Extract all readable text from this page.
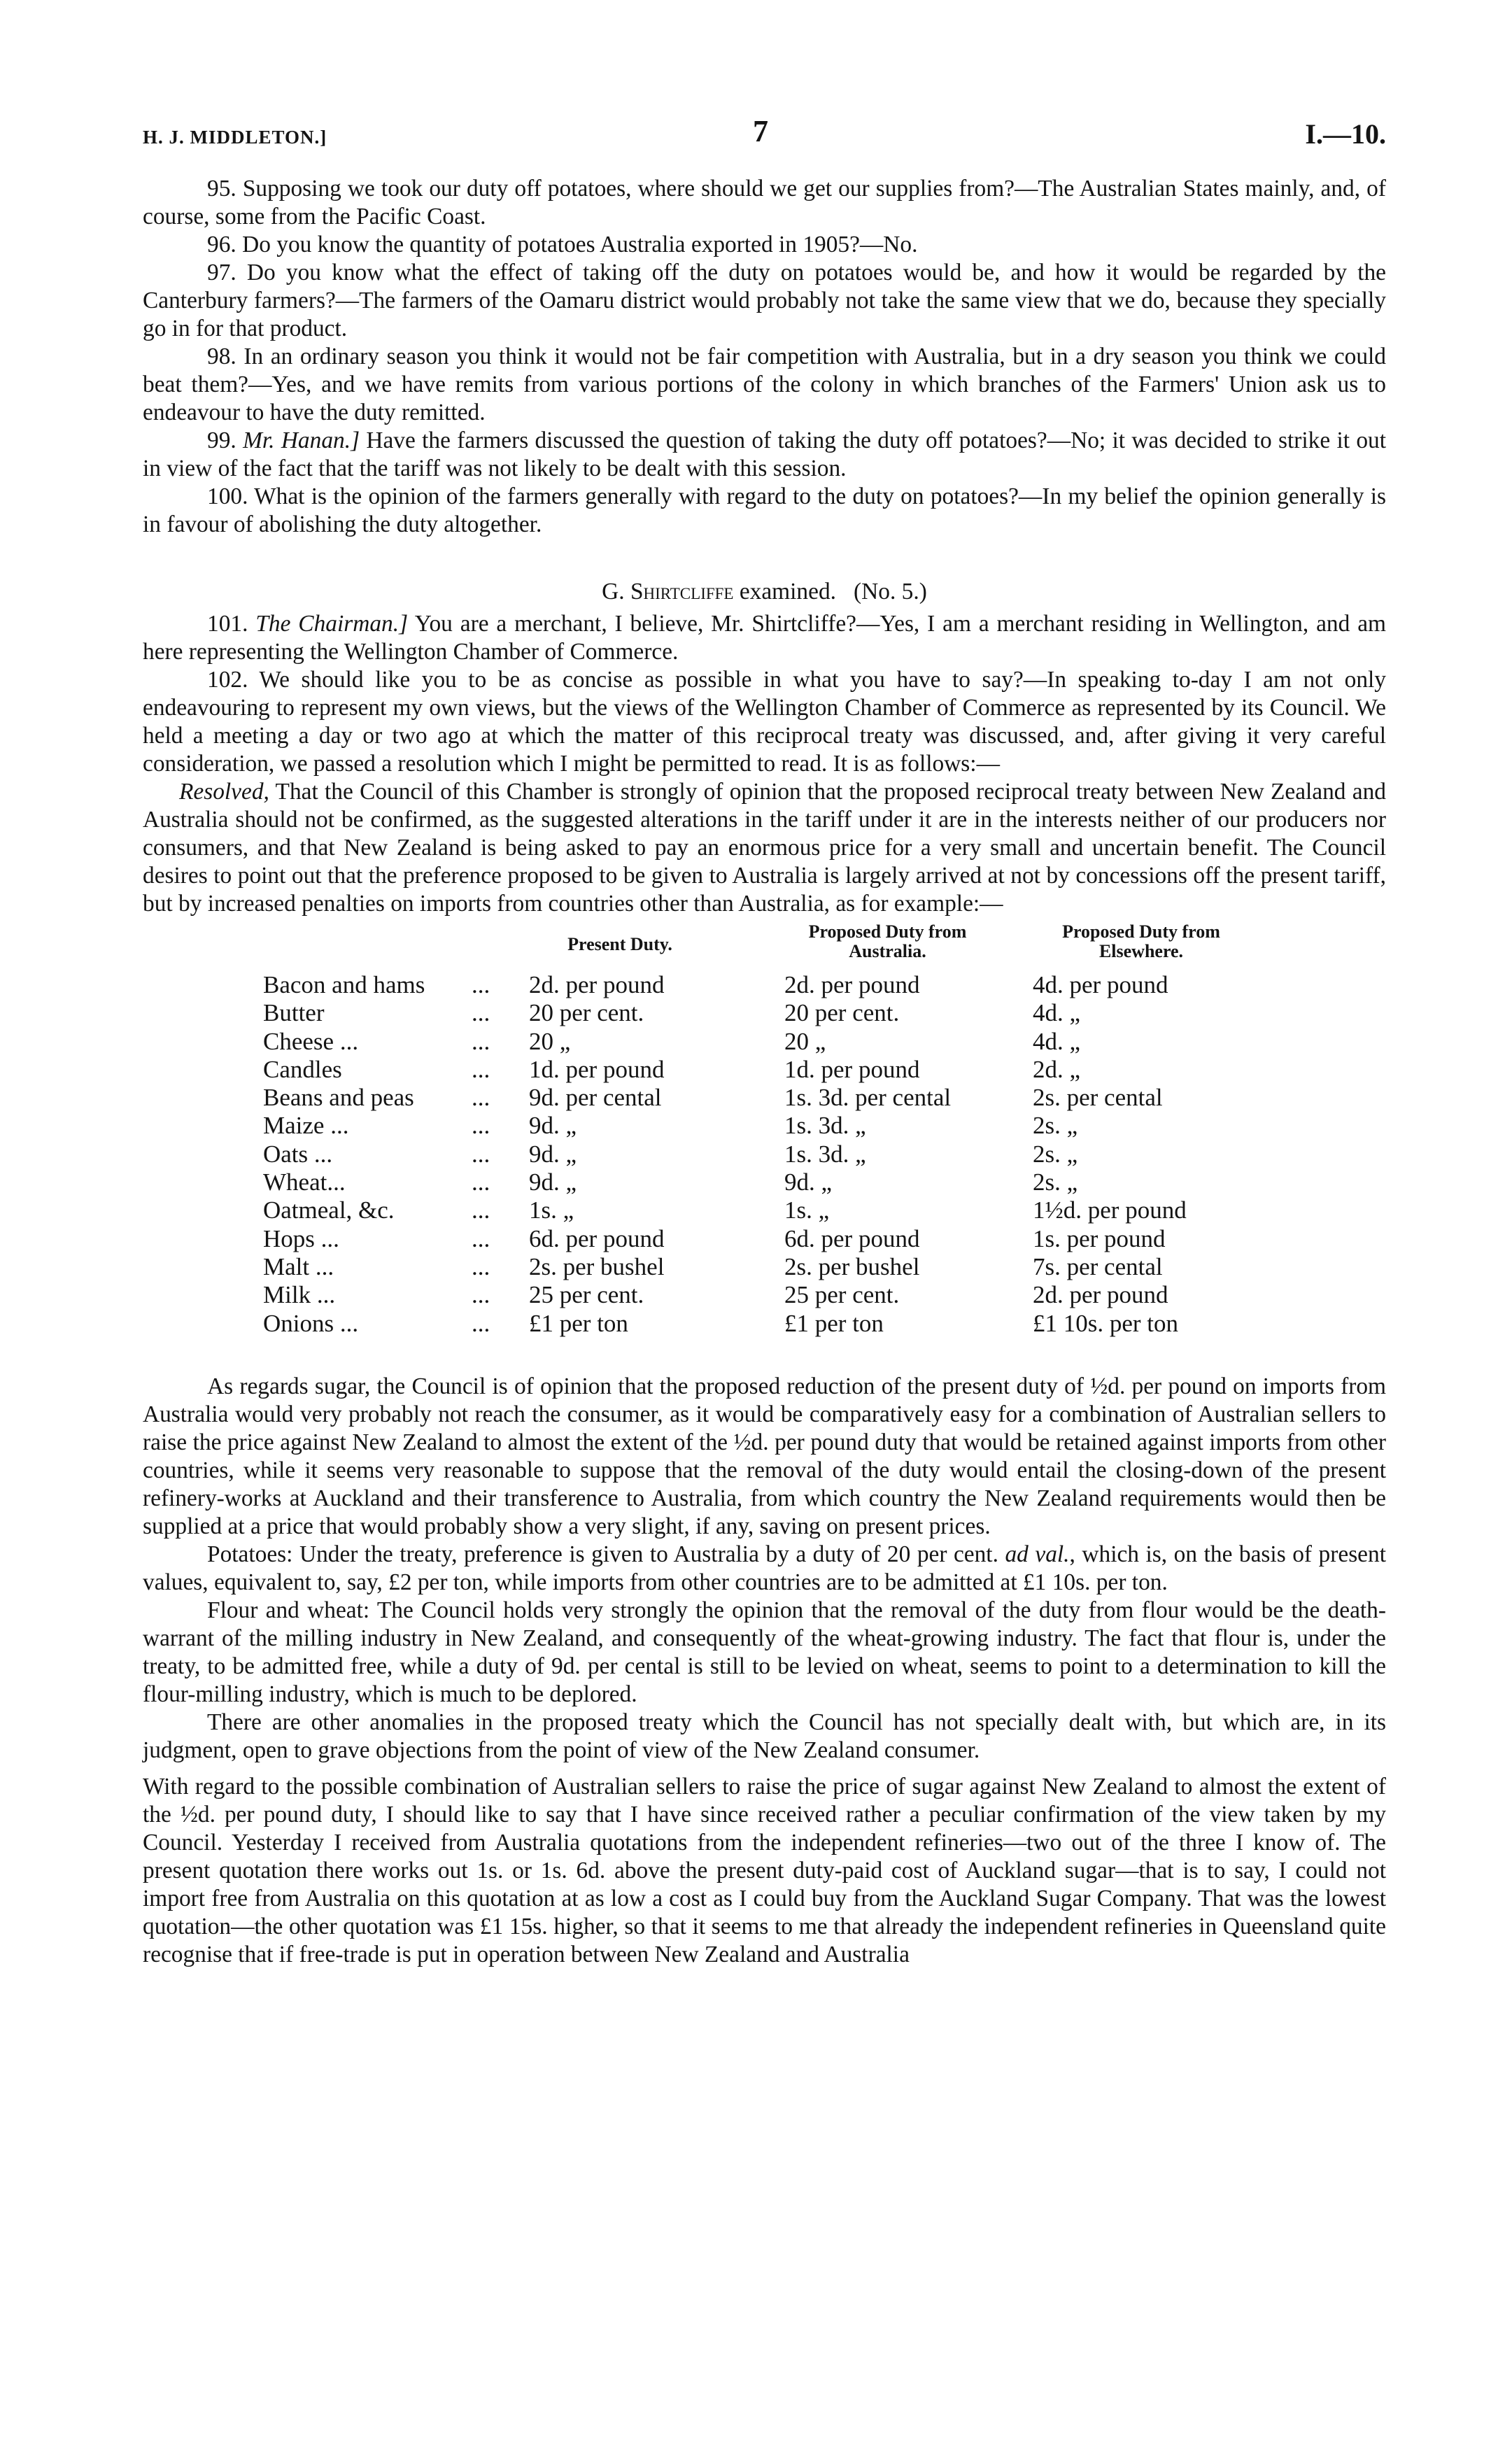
H. J. MIDDLETON.]	7	I.—10.

95. Supposing we took our duty off potatoes, where should we get our supplies from?—The Australian States mainly, and, of course, some from the Pacific Coast.

96. Do you know the quantity of potatoes Australia exported in 1905?—No.

97. Do you know what the effect of taking off the duty on potatoes would be, and how it would be regarded by the Canterbury farmers?—The farmers of the Oamaru district would probably not take the same view that we do, because they specially go in for that product.

98. In an ordinary season you think it would not be fair competition with Australia, but in a dry season you think we could beat them?—Yes, and we have remits from various portions of the colony in which branches of the Farmers' Union ask us to endeavour to have the duty remitted.

99. Mr. Hanan.] Have the farmers discussed the question of taking the duty off potatoes?—No; it was decided to strike it out in view of the fact that the tariff was not likely to be dealt with this session.

100. What is the opinion of the farmers generally with regard to the duty on potatoes?—In my belief the opinion generally is in favour of abolishing the duty altogether.

G. Shirtcliffe examined. (No. 5.)

101. The Chairman.] You are a merchant, I believe, Mr. Shirtcliffe?—Yes, I am a merchant residing in Wellington, and am here representing the Wellington Chamber of Commerce.

102. We should like you to be as concise as possible in what you have to say?—In speaking to-day I am not only endeavouring to represent my own views, but the views of the Wellington Chamber of Commerce as represented by its Council. We held a meeting a day or two ago at which the matter of this reciprocal treaty was discussed, and, after giving it very careful consideration, we passed a resolution which I might be permitted to read. It is as follows:—

Resolved, That the Council of this Chamber is strongly of opinion that the proposed reciprocal treaty between New Zealand and Australia should not be confirmed, as the suggested alterations in the tariff under it are in the interests neither of our producers nor consumers, and that New Zealand is being asked to pay an enormous price for a very small and uncertain benefit. The Council desires to point out that the preference proposed to be given to Australia is largely arrived at not by concessions off the present tariff, but by increased penalties on imports from countries other than Australia, as for example:—

Present Duty.
Proposed Duty from Australia.
Proposed Duty from Elsewhere.
Bacon and hams ... 2d. per pound	2d. per pound	4d. per pound
Butter	... 20 per cent.	20 per cent.	4d. „
Cheese ...	... 20 „	20 „	4d. „
Candles	... 1d. per pound	1d. per pound	2d. „
Beans and peas ... 9d. per cental	1s. 3d. per cental	2s. per cental
Maize ...	... 9d. „	1s. 3d. „	2s. „
Oats ...	... 9d. „	1s. 3d. „	2s. „
Wheat...	... 9d. „	9d. „	2s. „
Oatmeal, &c.	... 1s. „	1s. „	1½d. per pound
Hops ...	... 6d. per pound	6d. per pound	1s. per pound
Malt ...	... 2s. per bushel	2s. per bushel	7s. per cental
Milk ...	... 25 per cent.	25 per cent.	2d. per pound
Onions ...	... £1 per ton	£1 per ton	£1 10s. per ton

As regards sugar, the Council is of opinion that the proposed reduction of the present duty of ½d. per pound on imports from Australia would very probably not reach the consumer, as it would be comparatively easy for a combination of Australian sellers to raise the price against New Zealand to almost the extent of the ½d. per pound duty that would be retained against imports from other countries, while it seems very reasonable to suppose that the removal of the duty would entail the closing-down of the present refinery-works at Auckland and their transference to Australia, from which country the New Zealand requirements would then be supplied at a price that would probably show a very slight, if any, saving on present prices.

Potatoes: Under the treaty, preference is given to Australia by a duty of 20 per cent. ad val., which is, on the basis of present values, equivalent to, say, £2 per ton, while imports from other countries are to be admitted at £1 10s. per ton.

Flour and wheat: The Council holds very strongly the opinion that the removal of the duty from flour would be the death-warrant of the milling industry in New Zealand, and consequently of the wheat-growing industry. The fact that flour is, under the treaty, to be admitted free, while a duty of 9d. per cental is still to be levied on wheat, seems to point to a determination to kill the flour-milling industry, which is much to be deplored.

There are other anomalies in the proposed treaty which the Council has not specially dealt with, but which are, in its judgment, open to grave objections from the point of view of the New Zealand consumer.

With regard to the possible combination of Australian sellers to raise the price of sugar against New Zealand to almost the extent of the ½d. per pound duty, I should like to say that I have since received rather a peculiar confirmation of the view taken by my Council. Yesterday I received from Australia quotations from the independent refineries—two out of the three I know of. The present quotation there works out 1s. or 1s. 6d. above the present duty-paid cost of Auckland sugar—that is to say, I could not import free from Australia on this quotation at as low a cost as I could buy from the Auckland Sugar Company. That was the lowest quotation—the other quotation was £1 15s. higher, so that it seems to me that already the independent refineries in Queensland quite recognise that if free-trade is put in operation between New Zealand and Australia
